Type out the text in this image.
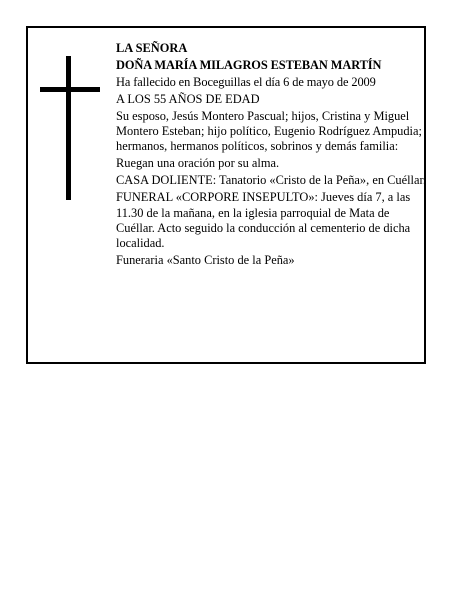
LA SEÑORA

DOÑA MARÍA MILAGROS ESTEBAN MARTÍN

Ha fallecido en Boceguillas el día 6 de mayo de 2009

A LOS 55 AÑOS DE EDAD

Su esposo, Jesús Montero Pascual; hijos, Cristina y Miguel Montero Esteban; hijo político, Eugenio Rodríguez Ampudia; hermanos, hermanos políticos, sobrinos y demás familia:

Ruegan una oración por su alma.

CASA DOLIENTE: Tanatorio «Cristo de la Peña», en Cuéllar.

FUNERAL «CORPORE INSEPULTO»: Jueves día 7, a las 11.30 de la mañana, en la iglesia parroquial de Mata de Cuéllar. Acto seguido la conducción al cementerio de dicha localidad.

Funeraria «Santo Cristo de la Peña»
